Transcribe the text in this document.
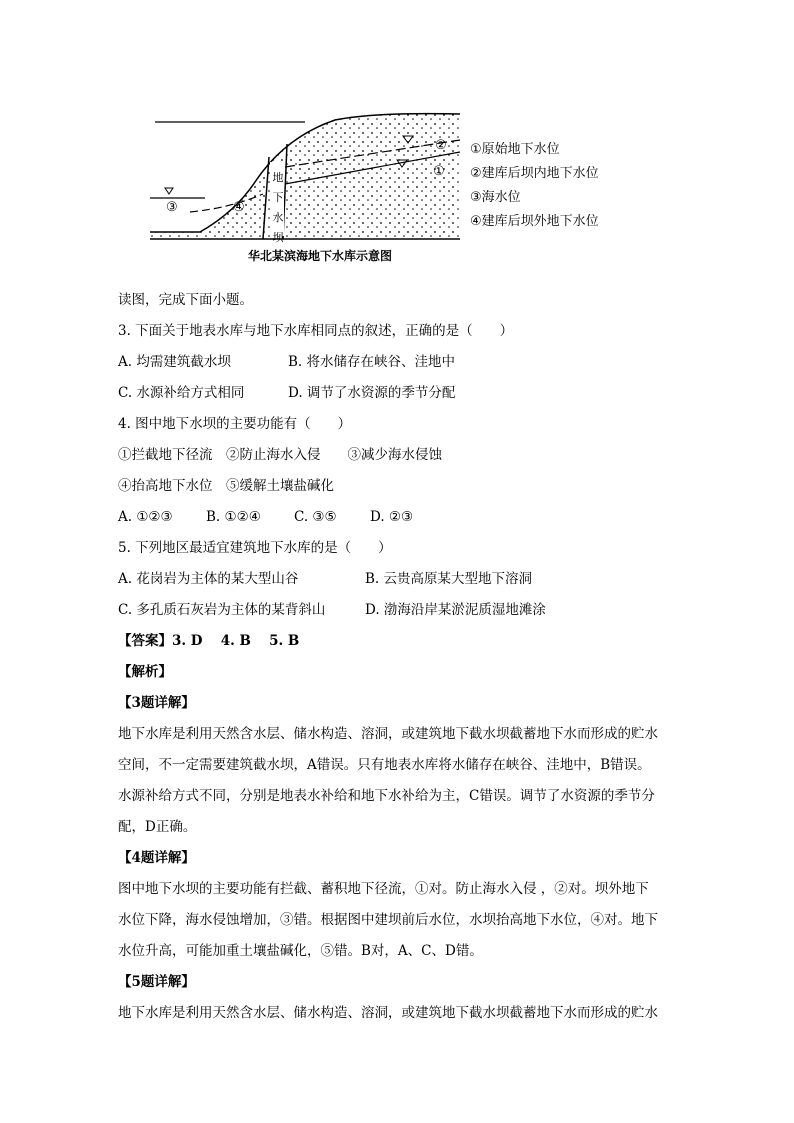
地
下
水
坝
③	④
②
①
①原始地下水位
②建库后坝内地下水位
③海水位
④建库后坝外地下水位
华北某滨海地下水库示意图
读图，完成下面小题。
3. 下面关于地表水库与地下水库相同点的叙述，正确的是（　　）
A. 均需建筑截水坝	B. 将水储存在峡谷、洼地中
C. 水源补给方式相同	D. 调节了水资源的季节分配
4. 图中地下水坝的主要功能有（　　）
①拦截地下径流　②防止海水入侵　　③减少海水侵蚀
④抬高地下水位　⑤缓解土壤盐碱化
A. ①②③ B. ①②④ C. ③⑤ D. ②③
5. 下列地区最适宜建筑地下水库的是（　　）
A. 花岗岩为主体的某大型山谷	B. 云贵高原某大型地下溶洞
C. 多孔质石灰岩为主体的某背斜山	D. 渤海沿岸某淤泥质湿地滩涂
【答案】3. D　 4. B　 5. B
【解析】
【3题详解】
地下水库是利用天然含水层、储水构造、溶洞，或建筑地下截水坝截蓄地下水而形成的贮水
空间，不一定需要建筑截水坝，A错误。只有地表水库将水储存在峡谷、洼地中，B错误。
水源补给方式不同，分别是地表水补给和地下水补给为主，C错误。调节了水资源的季节分
配，D正确。
【4题详解】
图中地下水坝的主要功能有拦截、蓄积地下径流，①对。防止海水入侵 ，②对。坝外地下
水位下降，海水侵蚀增加，③错。根据图中建坝前后水位，水坝抬高地下水位，④对。地下
水位升高，可能加重土壤盐碱化，⑤错。B对，A、C、D错。
【5题详解】
地下水库是利用天然含水层、储水构造、溶洞，或建筑地下截水坝截蓄地下水而形成的贮水
